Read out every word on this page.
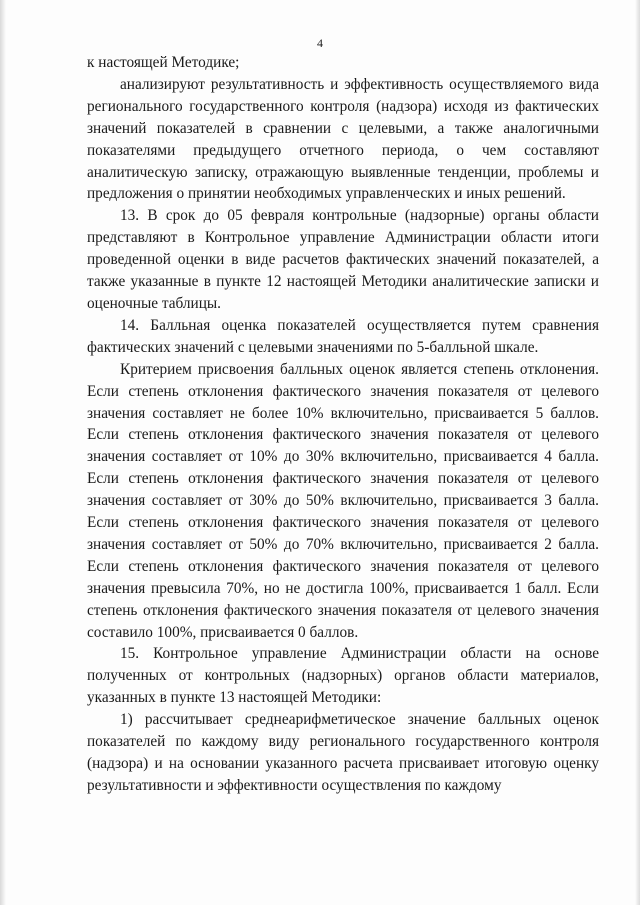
4

к настоящей Методике;

анализируют результативность и эффективность осуществляемого вида регионального государственного контроля (надзора) исходя из фактических значений показателей в сравнении с целевыми, а также аналогичными показателями предыдущего отчетного периода, о чем составляют аналитическую записку, отражающую выявленные тенденции, проблемы и предложения о принятии необходимых управленческих и иных решений.

13. В срок до 05 февраля контрольные (надзорные) органы области представляют в Контрольное управление Администрации области итоги проведенной оценки в виде расчетов фактических значений показателей, а также указанные в пункте 12 настоящей Методики аналитические записки и оценочные таблицы.

14. Балльная оценка показателей осуществляется путем сравнения фактических значений с целевыми значениями по 5-балльной шкале.

Критерием присвоения балльных оценок является степень отклонения. Если степень отклонения фактического значения показателя от целевого значения составляет не более 10% включительно, присваивается 5 баллов. Если степень отклонения фактического значения показателя от целевого значения составляет от 10% до 30% включительно, присваивается 4 балла. Если степень отклонения фактического значения показателя от целевого значения составляет от 30% до 50% включительно, присваивается 3 балла. Если степень отклонения фактического значения показателя от целевого значения составляет от 50% до 70% включительно, присваивается 2 балла. Если степень отклонения фактического значения показателя от целевого значения превысила 70%, но не достигла 100%, присваивается 1 балл. Если степень отклонения фактического значения показателя от целевого значения составило 100%, присваивается 0 баллов.

15. Контрольное управление Администрации области на основе полученных от контрольных (надзорных) органов области материалов, указанных в пункте 13 настоящей Методики:

1) рассчитывает среднеарифметическое значение балльных оценок показателей по каждому виду регионального государственного контроля (надзора) и на основании указанного расчета присваивает итоговую оценку результативности и эффективности осуществления по каждому
